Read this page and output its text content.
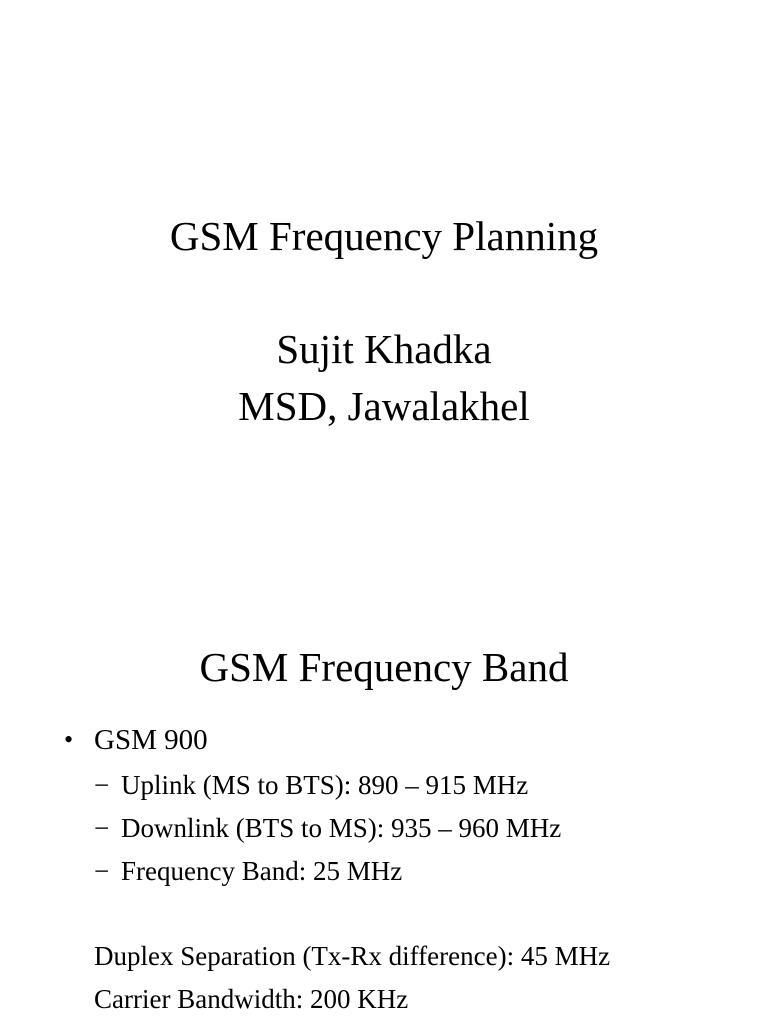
GSM Frequency Planning
Sujit Khadka
MSD, Jawalakhel
GSM Frequency Band
• GSM 900
− Uplink (MS to BTS): 890 – 915 MHz
− Downlink (BTS to MS): 935 – 960 MHz
− Frequency Band: 25 MHz
Duplex Separation (Tx-Rx difference): 45 MHz
Carrier Bandwidth: 200 KHz
